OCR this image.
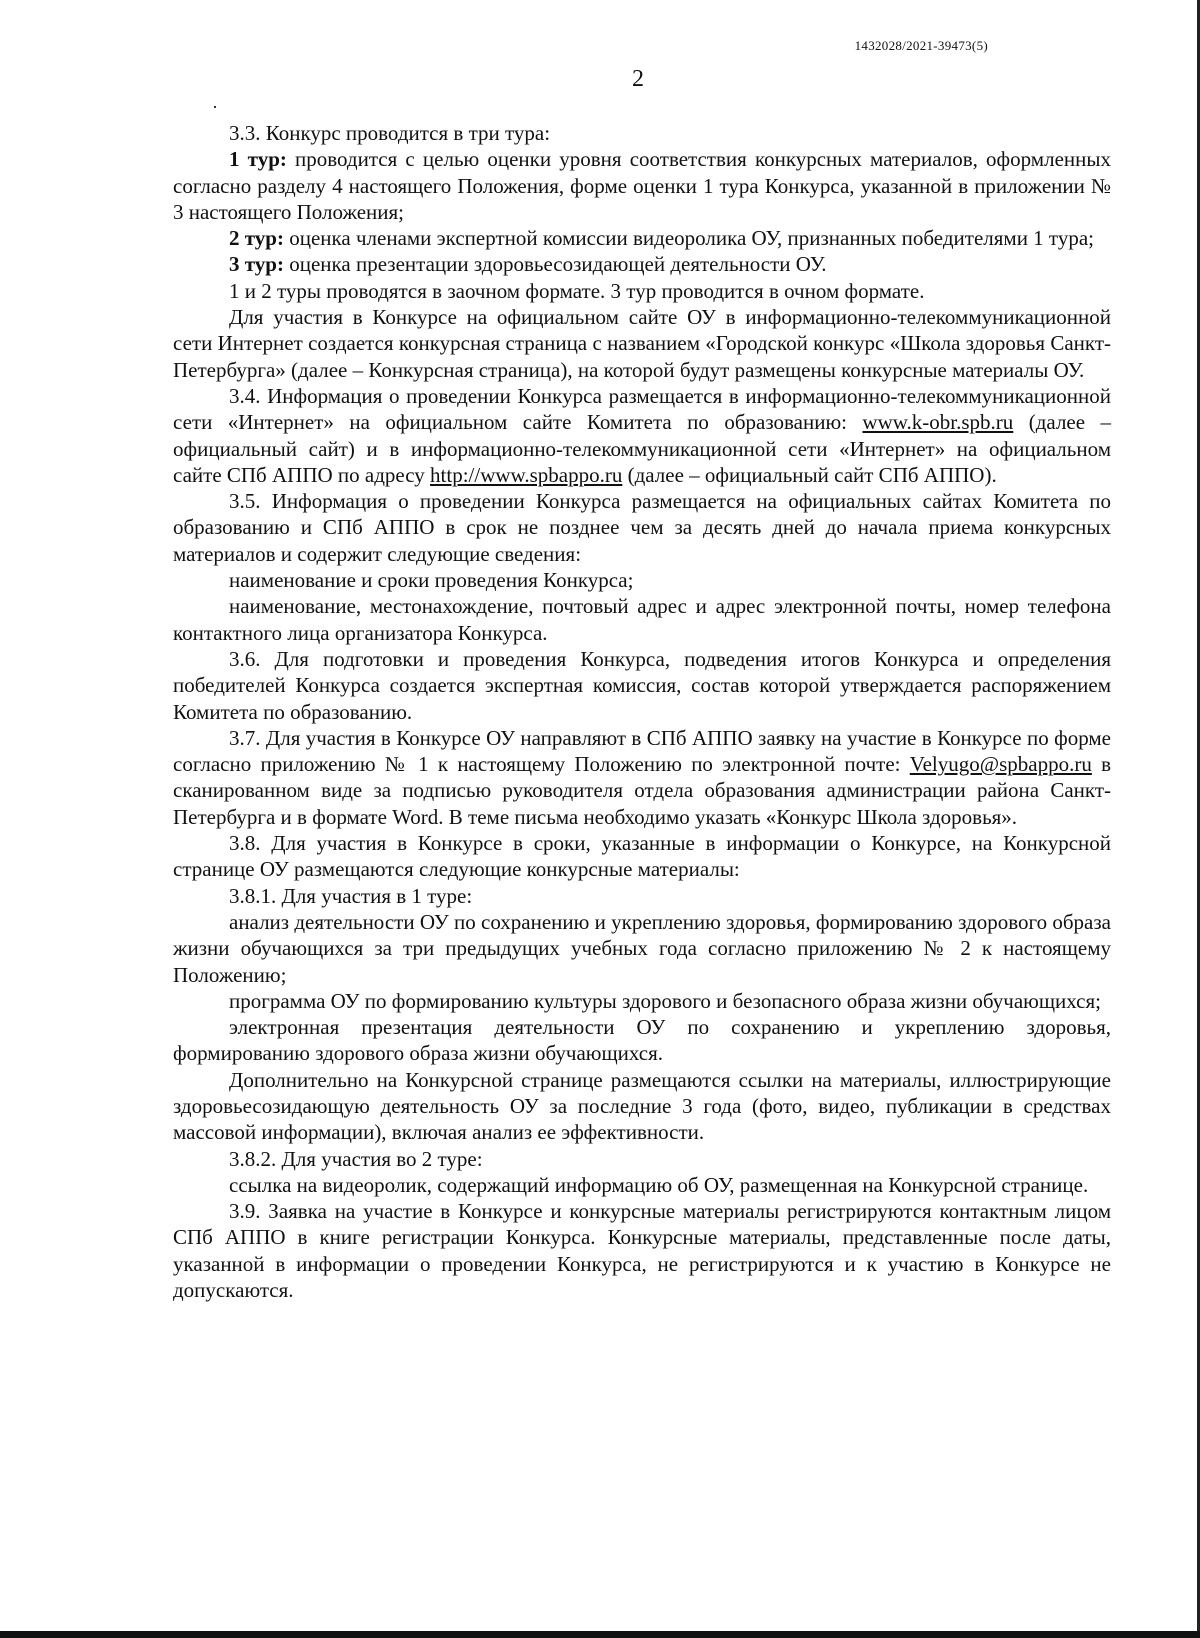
1432028/2021-39473(5)
2

3.3. Конкурс проводится в три тура:

1 тур: проводится с целью оценки уровня соответствия конкурсных материалов, оформленных согласно разделу 4 настоящего Положения, форме оценки 1 тура Конкурса, указанной в приложении № 3 настоящего Положения;

2 тур: оценка членами экспертной комиссии видеоролика ОУ, признанных победителями 1 тура;

3 тур: оценка презентации здоровьесозидающей деятельности ОУ.

1 и 2 туры проводятся в заочном формате. 3 тур проводится в очном формате.

Для участия в Конкурсе на официальном сайте ОУ в информационно-телекоммуникационной сети Интернет создается конкурсная страница с названием «Городской конкурс «Школа здоровья Санкт-Петербурга» (далее – Конкурсная страница), на которой будут размещены конкурсные материалы ОУ.

3.4. Информация о проведении Конкурса размещается в информационно-телекоммуникационной сети «Интернет» на официальном сайте Комитета по образованию: www.k-obr.spb.ru (далее – официальный сайт) и в информационно-телекоммуникационной сети «Интернет» на официальном сайте СПб АППО по адресу http://www.spbappo.ru (далее – официальный сайт СПб АППО).

3.5. Информация о проведении Конкурса размещается на официальных сайтах Комитета по образованию и СПб АППО в срок не позднее чем за десять дней до начала приема конкурсных материалов и содержит следующие сведения:

наименование и сроки проведения Конкурса;

наименование, местонахождение, почтовый адрес и адрес электронной почты, номер телефона контактного лица организатора Конкурса.

3.6. Для подготовки и проведения Конкурса, подведения итогов Конкурса и определения победителей Конкурса создается экспертная комиссия, состав которой утверждается распоряжением Комитета по образованию.

3.7. Для участия в Конкурсе ОУ направляют в СПб АППО заявку на участие в Конкурсе по форме согласно приложению № 1 к настоящему Положению по электронной почте: Velyugo@spbappo.ru в сканированном виде за подписью руководителя отдела образования администрации района Санкт-Петербурга и в формате Word. В теме письма необходимо указать «Конкурс Школа здоровья».

3.8. Для участия в Конкурсе в сроки, указанные в информации о Конкурсе, на Конкурсной странице ОУ размещаются следующие конкурсные материалы:

3.8.1. Для участия в 1 туре:

анализ деятельности ОУ по сохранению и укреплению здоровья, формированию здорового образа жизни обучающихся за три предыдущих учебных года согласно приложению № 2 к настоящему Положению;

программа ОУ по формированию культуры здорового и безопасного образа жизни обучающихся;

электронная презентация деятельности ОУ по сохранению и укреплению здоровья, формированию здорового образа жизни обучающихся.

Дополнительно на Конкурсной странице размещаются ссылки на материалы, иллюстрирующие здоровьесозидающую деятельность ОУ за последние 3 года (фото, видео, публикации в средствах массовой информации), включая анализ ее эффективности.

3.8.2. Для участия во 2 туре:

ссылка на видеоролик, содержащий информацию об ОУ, размещенная на Конкурсной странице.

3.9. Заявка на участие в Конкурсе и конкурсные материалы регистрируются контактным лицом СПб АППО в книге регистрации Конкурса. Конкурсные материалы, представленные после даты, указанной в информации о проведении Конкурса, не регистрируются и к участию в Конкурсе не допускаются.
